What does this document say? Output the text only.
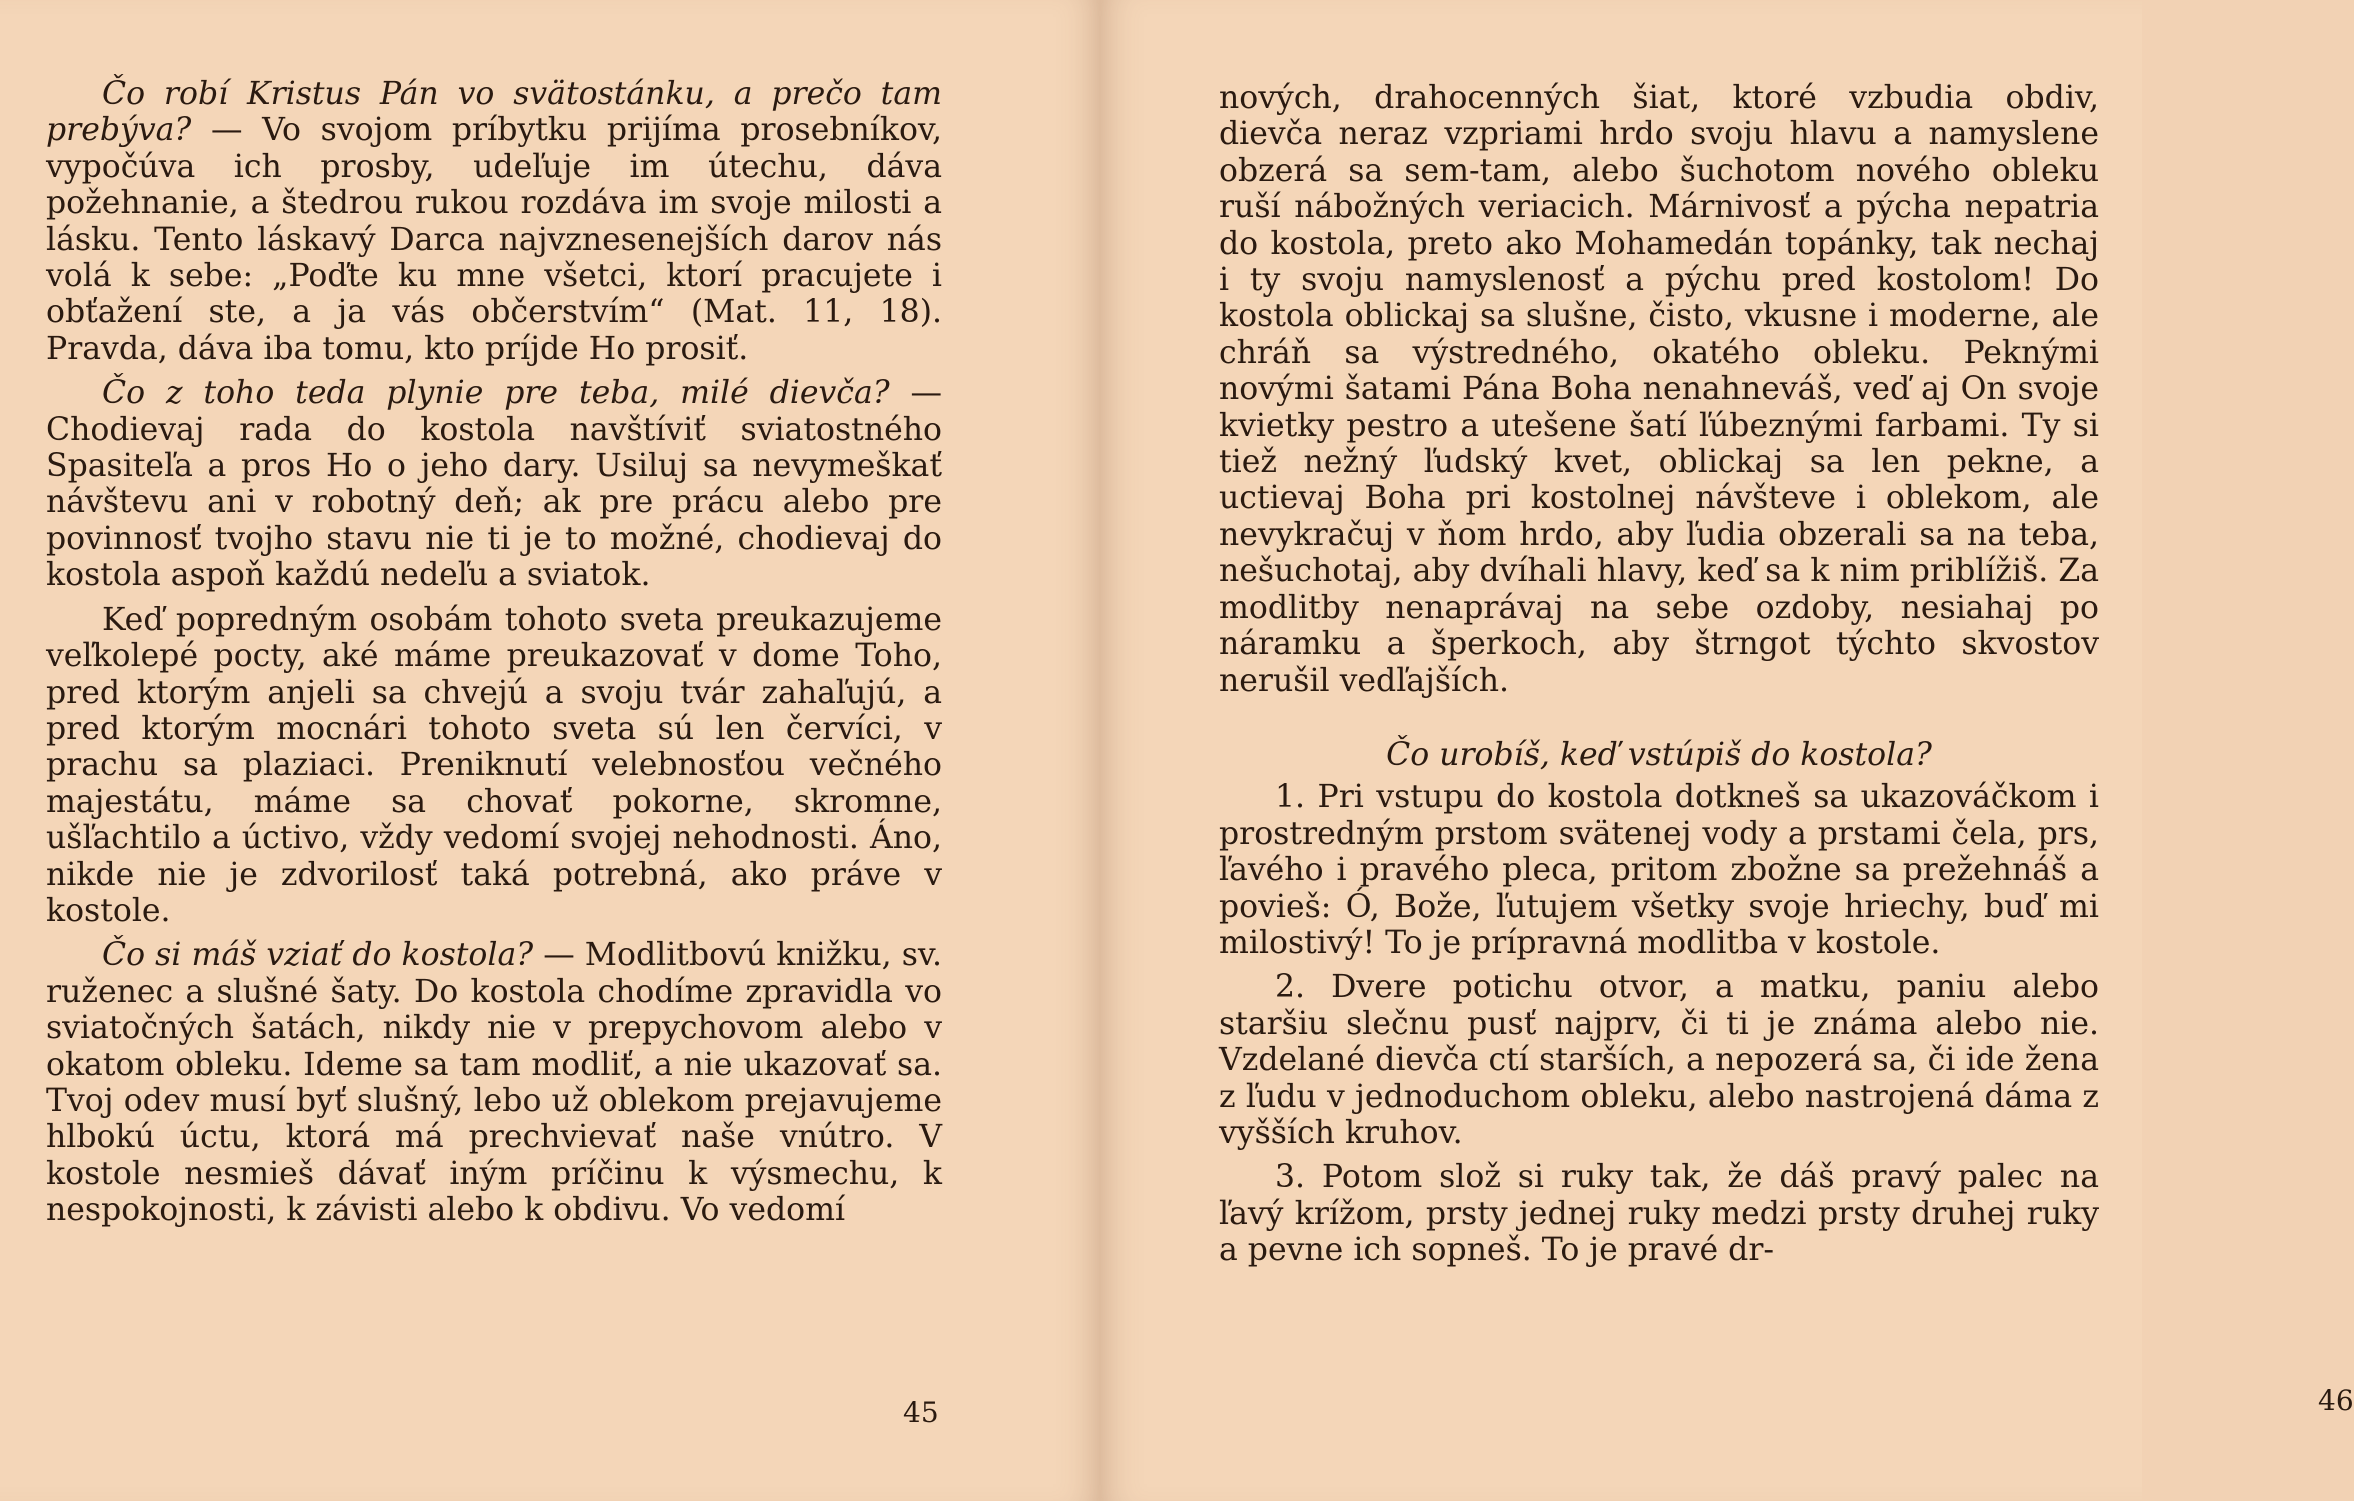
Čo robí Kristus Pán vo svätostánku, a prečo tam prebýva? — Vo svojom príbytku prijíma prosebníkov, vypočúva ich prosby, udeľuje im útechu, dáva požehnanie, a štedrou rukou rozdáva im svoje milosti a lásku. Tento láskavý Darca najvznesenejších darov nás volá k sebe: „Poďte ku mne všetci, ktorí pracujete i obťažení ste, a ja vás občerstvím“ (Mat. 11, 18). Pravda, dáva iba tomu, kto príjde Ho prosiť.

Čo z toho teda plynie pre teba, milé dievča? — Chodievaj rada do kostola navštíviť sviatostného Spasiteľa a pros Ho o jeho dary. Usiluj sa nevymeškať návštevu ani v robotný deň; ak pre prácu alebo pre povinnosť tvojho stavu nie ti je to možné, chodievaj do kostola aspoň každú nedeľu a sviatok.

Keď popredným osobám tohoto sveta preukazujeme veľkolepé pocty, aké máme preukazovať v dome Toho, pred ktorým anjeli sa chvejú a svoju tvár zahaľujú, a pred ktorým mocnári tohoto sveta sú len červíci, v prachu sa plaziaci. Preniknutí velebnosťou večného majestátu, máme sa chovať pokorne, skromne, ušľachtilo a úctivo, vždy vedomí svojej nehodnosti. Áno, nikde nie je zdvorilosť taká potrebná, ako práve v kostole.

Čo si máš vziať do kostola? — Modlitbovú knižku, sv. ruženec a slušné šaty. Do kostola chodíme zpravidla vo sviatočných šatách, nikdy nie v prepychovom alebo v okatom obleku. Ideme sa tam modliť, a nie ukazovať sa. Tvoj odev musí byť slušný, lebo už oblekom prejavujeme hlbokú úctu, ktorá má prechvievať naše vnútro. V kostole nesmieš dávať iným príčinu k výsmechu, k nespokojnosti, k závisti alebo k obdivu. Vo vedomí

45

nových, drahocenných šiat, ktoré vzbudia obdiv, dievča neraz vzpriami hrdo svoju hlavu a namyslene obzerá sa sem-tam, alebo šuchotom nového obleku ruší nábožných veriacich. Márnivosť a pýcha nepatria do kostola, preto ako Mohamedán topánky, tak nechaj i ty svoju namyslenosť a pýchu pred kostolom! Do kostola oblickaj sa slušne, čisto, vkusne i moderne, ale chráň sa výstredného, okatého obleku. Peknými novými šatami Pána Boha nenahneváš, veď aj On svoje kvietky pestro a utešene šatí ľúbeznými farbami. Ty si tiež nežný ľudský kvet, oblickaj sa len pekne, a uctievaj Boha pri kostolnej návšteve i oblekom, ale nevykračuj v ňom hrdo, aby ľudia obzerali sa na teba, nešuchotaj, aby dvíhali hlavy, keď sa k nim priblížiš. Za modlitby nenaprávaj na sebe ozdoby, nesiahaj po náramku a šperkoch, aby štrngot týchto skvostov nerušil vedľajších.

Čo urobíš, keď vstúpiš do kostola?

1. Pri vstupu do kostola dotkneš sa ukazováčkom i prostredným prstom svätenej vody a prstami čela, prs, ľavého i pravého pleca, pritom zbožne sa prežehnáš a povieš: Ó, Bože, ľutujem všetky svoje hriechy, buď mi milostivý! To je prípravná modlitba v kostole.

2. Dvere potichu otvor, a matku, paniu alebo staršiu slečnu pusť najprv, či ti je známa alebo nie. Vzdelané dievča ctí starších, a nepozerá sa, či ide žena z ľudu v jednoduchom obleku, alebo nastrojená dáma z vyšších kruhov.

3. Potom slož si ruky tak, že dáš pravý palec na ľavý krížom, prsty jednej ruky medzi prsty druhej ruky a pevne ich sopneš. To je pravé dr-

46
